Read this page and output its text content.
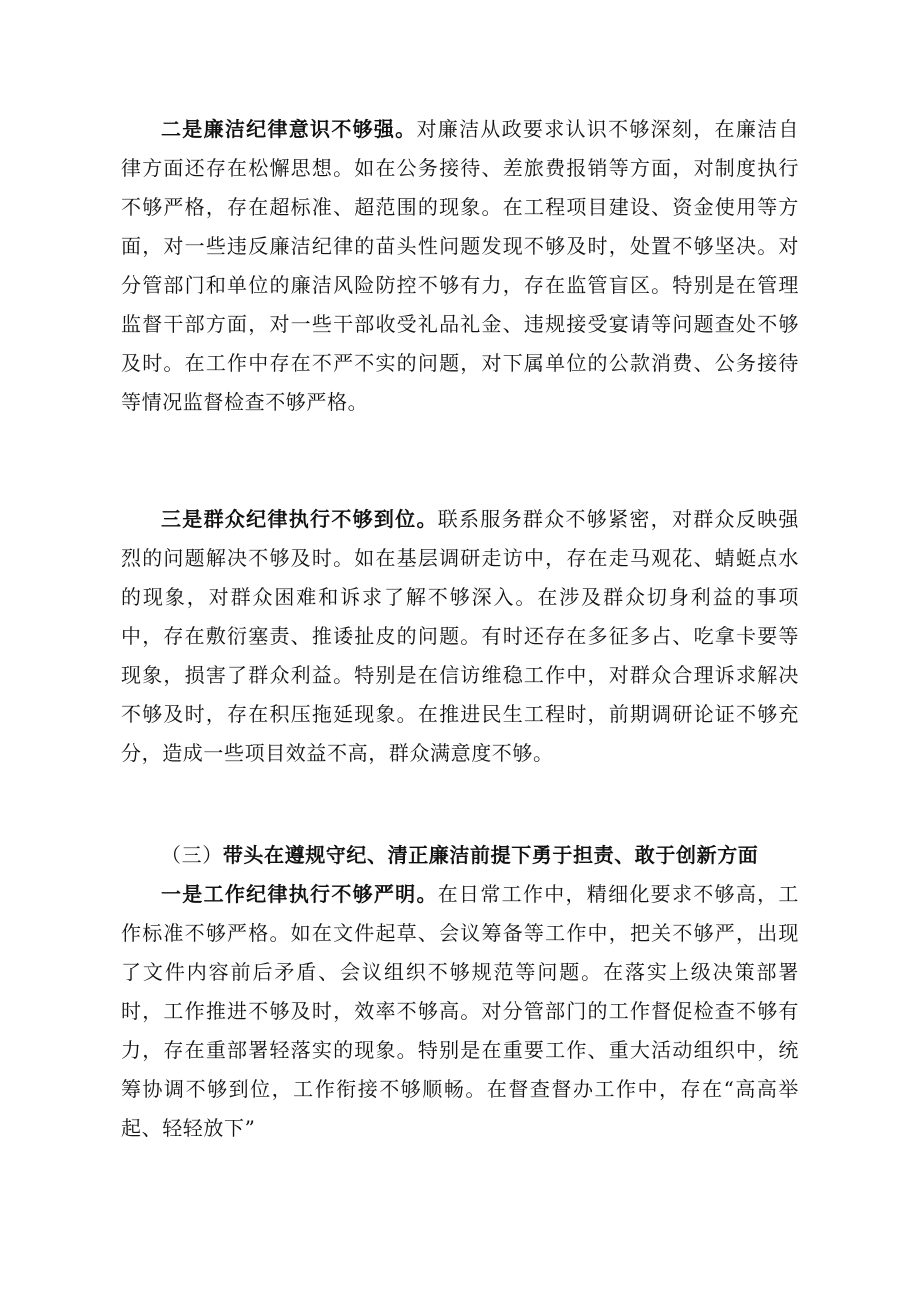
二是廉洁纪律意识不够强。对廉洁从政要求认识不够深刻，在廉洁自律方面还存在松懈思想。如在公务接待、差旅费报销等方面，对制度执行不够严格，存在超标准、超范围的现象。在工程项目建设、资金使用等方面，对一些违反廉洁纪律的苗头性问题发现不够及时，处置不够坚决。对分管部门和单位的廉洁风险防控不够有力，存在监管盲区。特别是在管理监督干部方面，对一些干部收受礼品礼金、违规接受宴请等问题查处不够及时。在工作中存在不严不实的问题，对下属单位的公款消费、公务接待等情况监督检查不够严格。

三是群众纪律执行不够到位。联系服务群众不够紧密，对群众反映强烈的问题解决不够及时。如在基层调研走访中，存在走马观花、蜻蜓点水的现象，对群众困难和诉求了解不够深入。在涉及群众切身利益的事项中，存在敷衍塞责、推诿扯皮的问题。有时还存在多征多占、吃拿卡要等现象，损害了群众利益。特别是在信访维稳工作中，对群众合理诉求解决不够及时，存在积压拖延现象。在推进民生工程时，前期调研论证不够充分，造成一些项目效益不高，群众满意度不够。

（三）带头在遵规守纪、清正廉洁前提下勇于担责、敢于创新方面

一是工作纪律执行不够严明。在日常工作中，精细化要求不够高，工作标准不够严格。如在文件起草、会议筹备等工作中，把关不够严，出现了文件内容前后矛盾、会议组织不够规范等问题。在落实上级决策部署时，工作推进不够及时，效率不够高。对分管部门的工作督促检查不够有力，存在重部署轻落实的现象。特别是在重要工作、重大活动组织中，统筹协调不够到位，工作衔接不够顺畅。在督查督办工作中，存在“高高举起、轻轻放下”
